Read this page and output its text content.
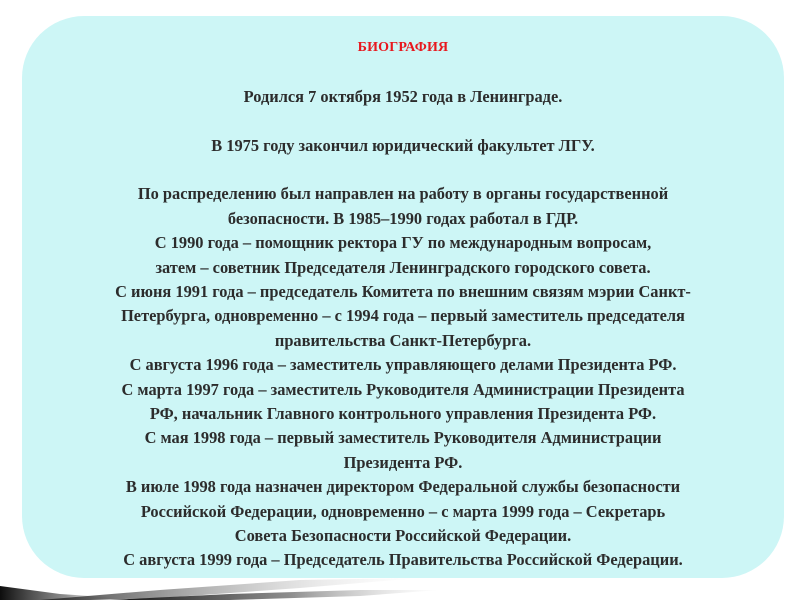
БИОГРАФИЯ

Родился 7 октября 1952 года в Ленинграде.

В 1975 году закончил юридический факультет ЛГУ.

По распределению был направлен на работу в органы государственной

безопасности. В 1985–1990 годах работал в ГДР.

С 1990 года – помощник ректора ГУ по международным вопросам,

затем – советник Председателя Ленинградского городского совета.

С июня 1991 года – председатель Комитета по внешним связям мэрии Санкт-

Петербурга, одновременно – с 1994 года – первый заместитель председателя

правительства Санкт-Петербурга.

С августа 1996 года – заместитель управляющего делами Президента РФ.

С марта 1997 года – заместитель Руководителя Администрации Президента

РФ, начальник Главного контрольного управления Президента РФ.

С мая 1998 года – первый заместитель Руководителя Администрации

Президента РФ.

В июле 1998 года назначен директором Федеральной службы безопасности

Российской Федерации, одновременно – с марта 1999 года – Секретарь

Совета Безопасности Российской Федерации.

С августа 1999 года – Председатель Правительства Российской Федерации.
